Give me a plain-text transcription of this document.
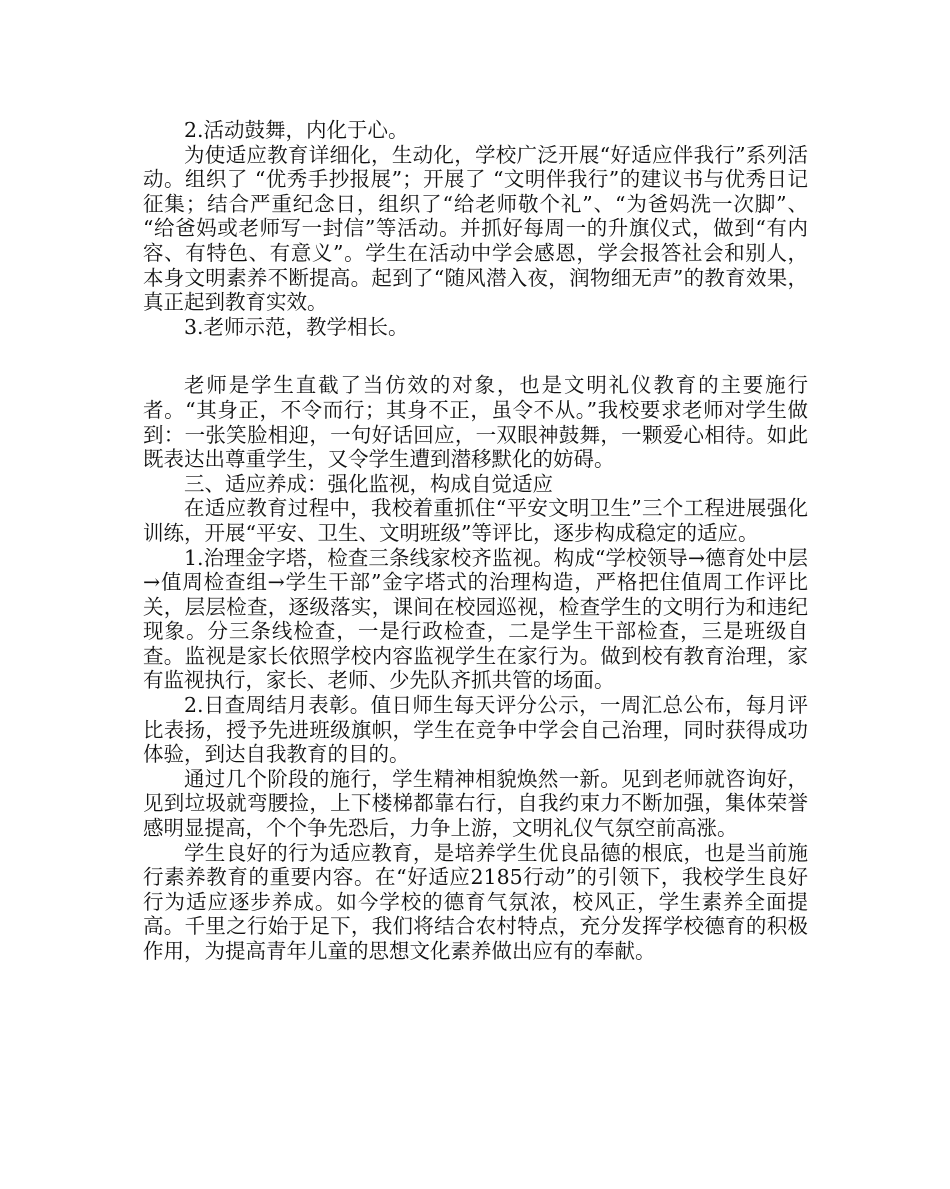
2.活动鼓舞，内化于心。

为使适应教育详细化，生动化，学校广泛开展“好适应伴我行”系列活动。组织了 “优秀手抄报展”；开展了 “文明伴我行”的建议书与优秀日记征集；结合严重纪念日，组织了“给老师敬个礼”、“为爸妈洗一次脚”、 “给爸妈或老师写一封信”等活动。并抓好每周一的升旗仪式，做到“有内容、有特色、有意义”。学生在活动中学会感恩，学会报答社会和别人，本身文明素养不断提高。起到了“随风潜入夜，润物细无声”的教育效果，真正起到教育实效。

3.老师示范，教学相长。

老师是学生直截了当仿效的对象，也是文明礼仪教育的主要施行者。“其身正，不令而行；其身不正，虽令不从。”我校要求老师对学生做到：一张笑脸相迎，一句好话回应，一双眼神鼓舞，一颗爱心相待。如此既表达出尊重学生，又令学生遭到潜移默化的妨碍。

三、适应养成：强化监视，构成自觉适应

在适应教育过程中，我校着重抓住“平安文明卫生”三个工程进展强化训练，开展“平安、卫生、文明班级”等评比，逐步构成稳定的适应。

1.治理金字塔，检查三条线家校齐监视。构成“学校领导→德育处中层→值周检查组→学生干部”金字塔式的治理构造，严格把住值周工作评比关，层层检查，逐级落实，课间在校园巡视，检查学生的文明行为和违纪现象。分三条线检查，一是行政检查，二是学生干部检查，三是班级自查。监视是家长依照学校内容监视学生在家行为。做到校有教育治理，家有监视执行，家长、老师、少先队齐抓共管的场面。

2.日查周结月表彰。值日师生每天评分公示，一周汇总公布，每月评比表扬，授予先进班级旗帜，学生在竞争中学会自己治理，同时获得成功体验，到达自我教育的目的。

通过几个阶段的施行，学生精神相貌焕然一新。见到老师就咨询好，见到垃圾就弯腰捡，上下楼梯都靠右行，自我约束力不断加强，集体荣誉感明显提高，个个争先恐后，力争上游，文明礼仪气氛空前高涨。

学生良好的行为适应教育，是培养学生优良品德的根底，也是当前施行素养教育的重要内容。在“好适应2185行动”的引领下，我校学生良好行为适应逐步养成。如今学校的德育气氛浓，校风正，学生素养全面提高。千里之行始于足下，我们将结合农村特点，充分发挥学校德育的积极作用，为提高青年儿童的思想文化素养做出应有的奉献。
